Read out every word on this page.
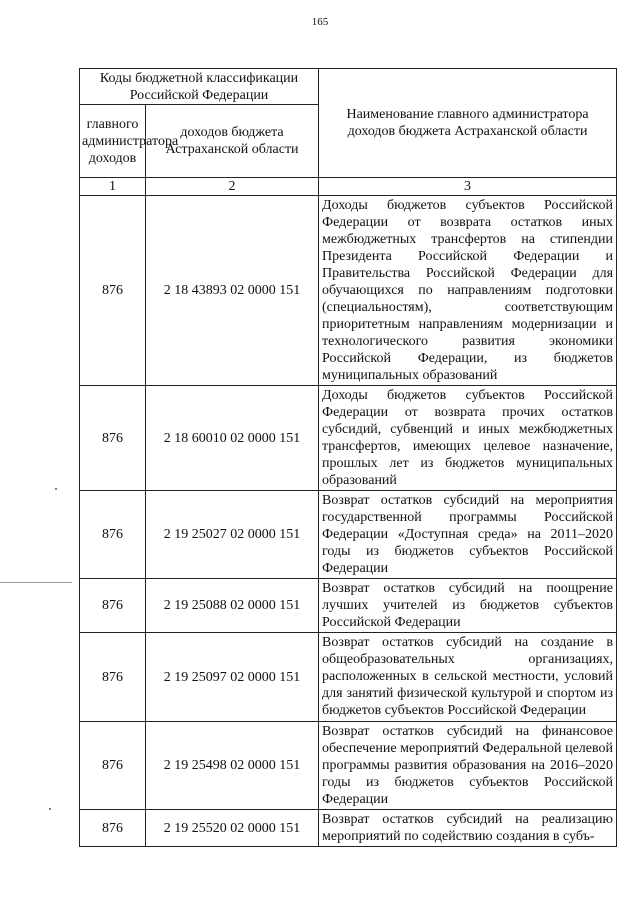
165
Коды бюджетной классификации Российской Федерации		Наименование главного администратора доходов бюджета Астраханской области
главного администратора доходов	доходов бюджета Астраханской области	
1	2	3
876	2 18 43893 02 0000 151	Доходы бюджетов субъектов Российской Федерации от возврата остатков иных межбюджетных трансфертов на стипендии Президента Российской Федерации и Правительства Российской Федерации для обучающихся по направлениям подготовки (специальностям), соответствующим приоритетным направлениям модернизации и технологического развития экономики Российской Федерации, из бюджетов муниципальных образований
876	2 18 60010 02 0000 151	Доходы бюджетов субъектов Российской Федерации от возврата прочих остатков субсидий, субвенций и иных межбюджетных трансфертов, имеющих целевое назначение, прошлых лет из бюджетов муниципальных образований
876	2 19 25027 02 0000 151	Возврат остатков субсидий на мероприятия государственной программы Российской Федерации «Доступная среда» на 2011–2020 годы из бюджетов субъектов Российской Федерации
876	2 19 25088 02 0000 151	Возврат остатков субсидий на поощрение лучших учителей из бюджетов субъектов Российской Федерации
876	2 19 25097 02 0000 151	Возврат остатков субсидий на создание в общеобразовательных организациях, расположенных в сельской местности, условий для занятий физической культурой и спортом из бюджетов субъектов Российской Федерации
876	2 19 25498 02 0000 151	Возврат остатков субсидий на финансовое обеспечение мероприятий Федеральной целевой программы развития образования на 2016–2020 годы из бюджетов субъектов Российской Федерации
876	2 19 25520 02 0000 151	Возврат остатков субсидий на реализацию мероприятий по содействию создания в субъ-
